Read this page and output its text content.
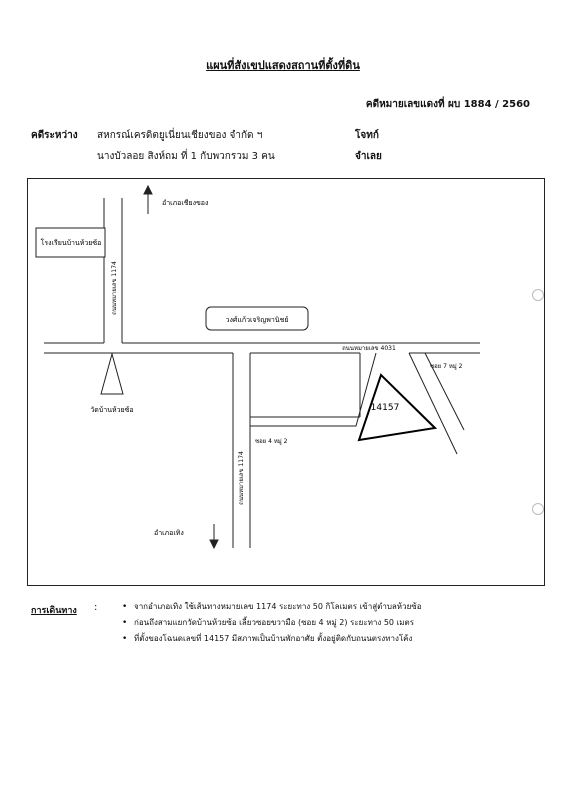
แผนที่สังเขปแสดงสถานที่ตั้งที่ดิน
คดีหมายเลขแดงที่ ผบ 1884 / 2560
คดีระหว่าง สหกรณ์เครดิตยูเนี่ยนเชียงของ จำกัด ฯ
นางบัวลอย สิงห์ถม ที่ 1 กับพวกรวม 3 คน
โจทก์
จำเลย
โรงเรียนบ้านห้วยซ้อ
อำเภอเชียงของ
ถนนหมายเลข 1174
วงศ์แก้วเจริญพานิชย์
ถนนหมายเลข 4031
ซอย 7 หมู่ 2
ซอย 4 หมู่ 2
14157
วัดบ้านห้วยซ้อ
ถนนหมายเลข 1174
อำเภอเทิง
การเดินทาง :
•	จากอำเภอเทิง ใช้เส้นทางหมายเลข 1174 ระยะทาง 50 กิโลเมตร เข้าสู่ตำบลห้วยซ้อ
• ก่อนถึงสามแยกวัดบ้านห้วยซ้อ เลี้ยวซอยขวามือ (ซอย 4 หมู่ 2) ระยะทาง 50 เมตร
• ที่ตั้งของโฉนดเลขที่ 14157 มีสภาพเป็นบ้านพักอาศัย ตั้งอยู่ติดกับถนนตรงทางโค้ง
